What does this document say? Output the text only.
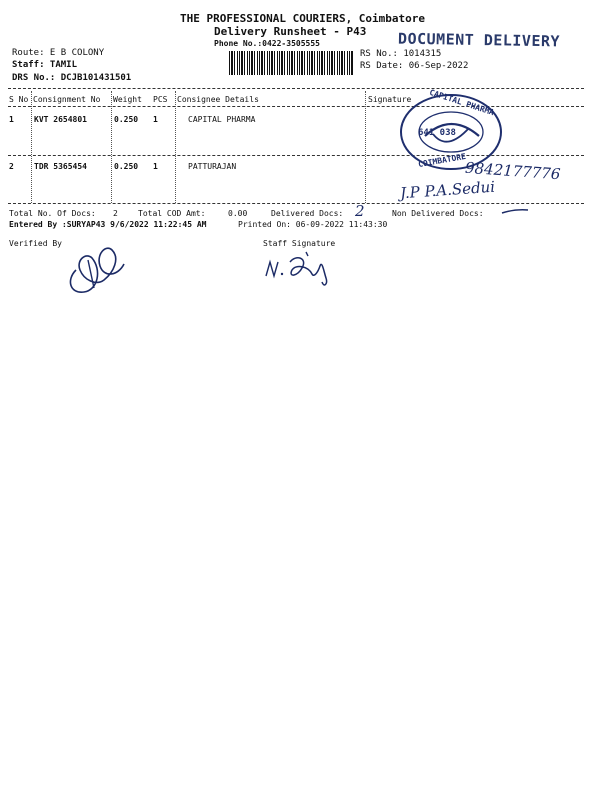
THE PROFESSIONAL COURIERS, Coimbatore
Delivery Runsheet - P43
Phone No.:0422-3505555	DOCUMENT DELIVERY
Route: E B COLONY
Staff: TAMIL
DRS No.: DCJB101431501
RS No.: 1014315
RS Date: 06-Sep-2022
S No Consignment No Weight PCS Consignee Details	Signature
1	KVT 2654801	0.250 1	CAPITAL PHARMA
2	TDR 5365454	0.250 1	PATTURAJAN
CAPITAL PHARMA
641 038
COIMBATORE
9842177776
J.P P.A.Sedui
Total No. Of Docs: 2	Total COD Amt:	0.00	Delivered Docs: 2	Non Delivered Docs:
Entered By :SURYAP43 9/6/2022 11:22:45 AM	Printed On: 06-09-2022 11:43:30
Verified By	Staff Signature
